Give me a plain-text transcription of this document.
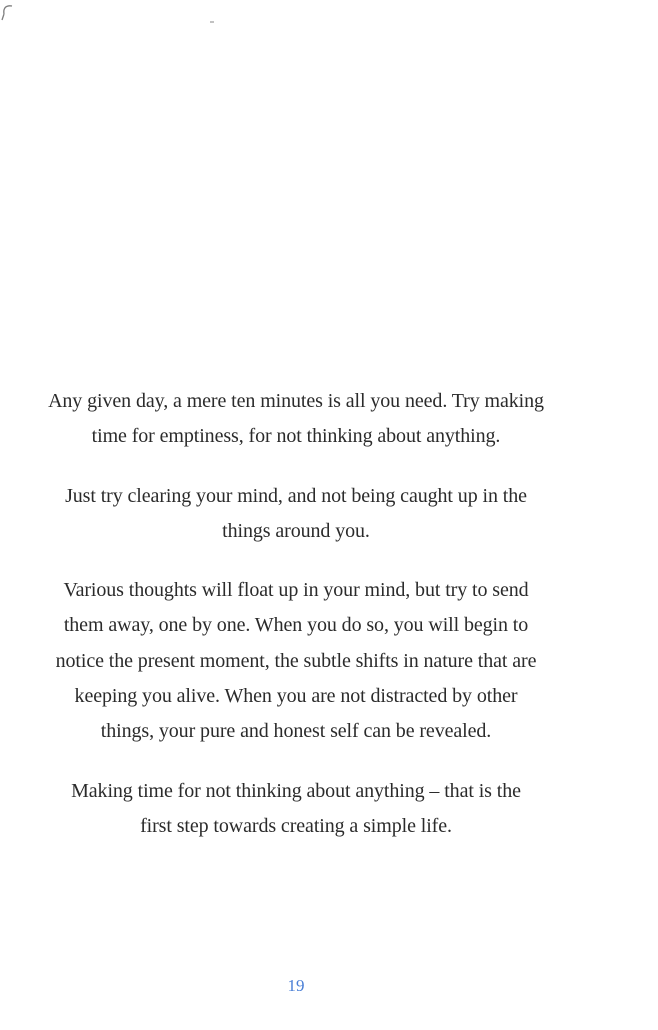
Any given day, a mere ten minutes is all you need. Try making
time for emptiness, for not thinking about anything.

Just try clearing your mind, and not being caught up in the
things around you.

Various thoughts will float up in your mind, but try to send
them away, one by one. When you do so, you will begin to
notice the present moment, the subtle shifts in nature that are
keeping you alive. When you are not distracted by other
things, your pure and honest self can be revealed.

Making time for not thinking about anything – that is the
first step towards creating a simple life.

19
